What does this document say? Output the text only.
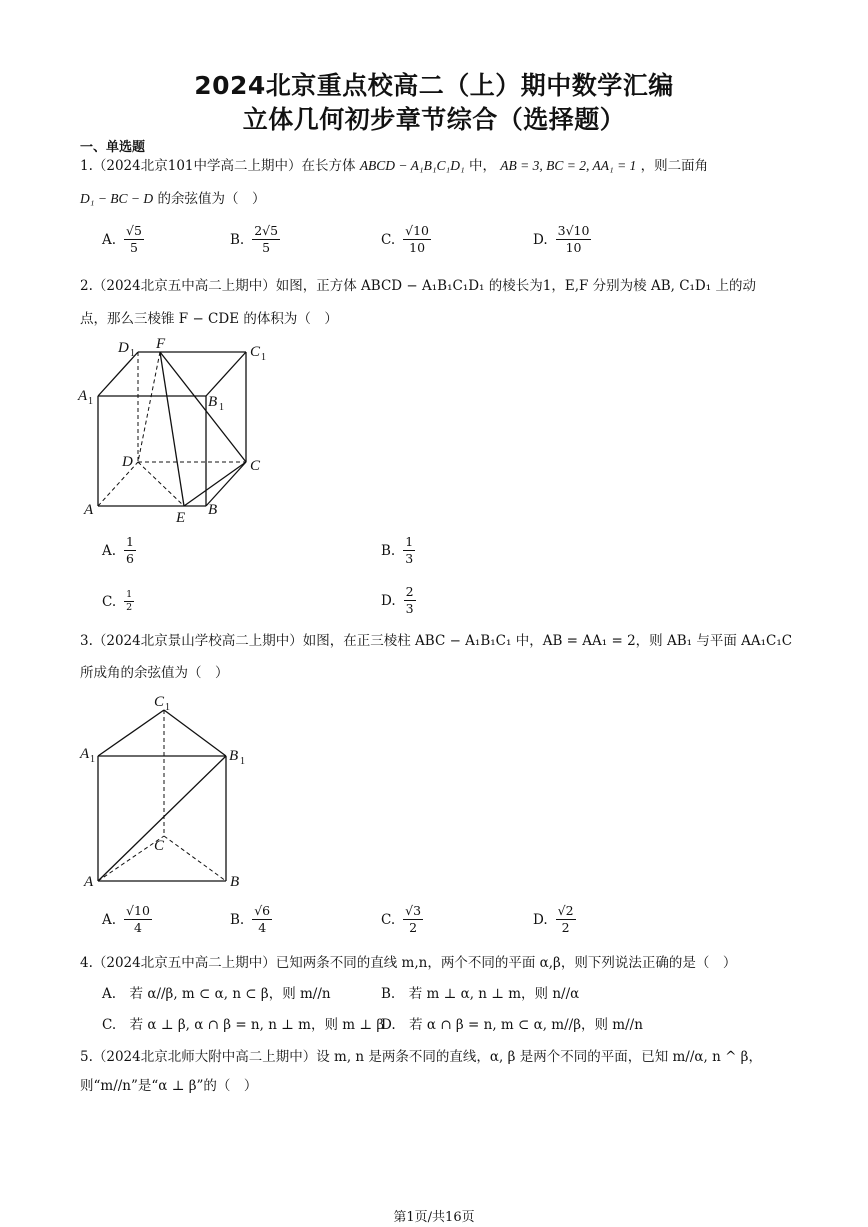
2024北京重点校高二（上）期中数学汇编
立体几何初步章节综合（选择题）
一、单选题
1.（2024北京101中学高二上期中）在长方体 ABCD − A₁B₁C₁D₁ 中， AB = 3, BC = 2, AA₁ = 1 ，则二面角
D₁ − BC − D 的余弦值为（　）
A. $\frac{√5}{5}$	B. $\frac{2√5}{5}$	C. $\frac{√10}{10}$	D. $\frac{3√10}{10}$
2.（2024北京五中高二上期中）如图，正方体 ABCD − A₁B₁C₁D₁ 的棱长为1，E,F 分别为棱 AB, C₁D₁ 上的动
点，那么三棱锥 F − CDE 的体积为（　）
D 1
F	C 1
A 1	B 1
D	C
A	E B
A. $\frac{1}{6}$	B. $\frac{1}{3}$
C. $\frac{1}{2}$	D. $\frac{2}{3}$
3.（2024北京景山学校高二上期中）如图，在正三棱柱 ABC − A₁B₁C₁ 中，AB = AA₁ = 2，则 AB₁ 与平面 AA₁C₁C
所成角的余弦值为（　）
C 1
A 1	B 1
C
A	B
A. $\frac{√10}{4}$	B. $\frac{√6}{4}$	C. $\frac{√3}{2}$	D. $\frac{√2}{2}$
4.（2024北京五中高二上期中）已知两条不同的直线 m,n，两个不同的平面 α,β，则下列说法正确的是（　）
A.　若 α//β, m ⊂ α, n ⊂ β，则 m//n	B.　若 m ⊥ α, n ⊥ m，则 n//α
C.　若 α ⊥ β, α ∩ β = n, n ⊥ m，则 m ⊥ β
D.　若 α ∩ β = n, m ⊂ α, m//β，则 m//n
5.（2024北京北师大附中高二上期中）设 m, n 是两条不同的直线，α, β 是两个不同的平面，已知 m//α, n ^ β，
则“m//n”是“α ⊥ β”的（　）
第1页/共16页
